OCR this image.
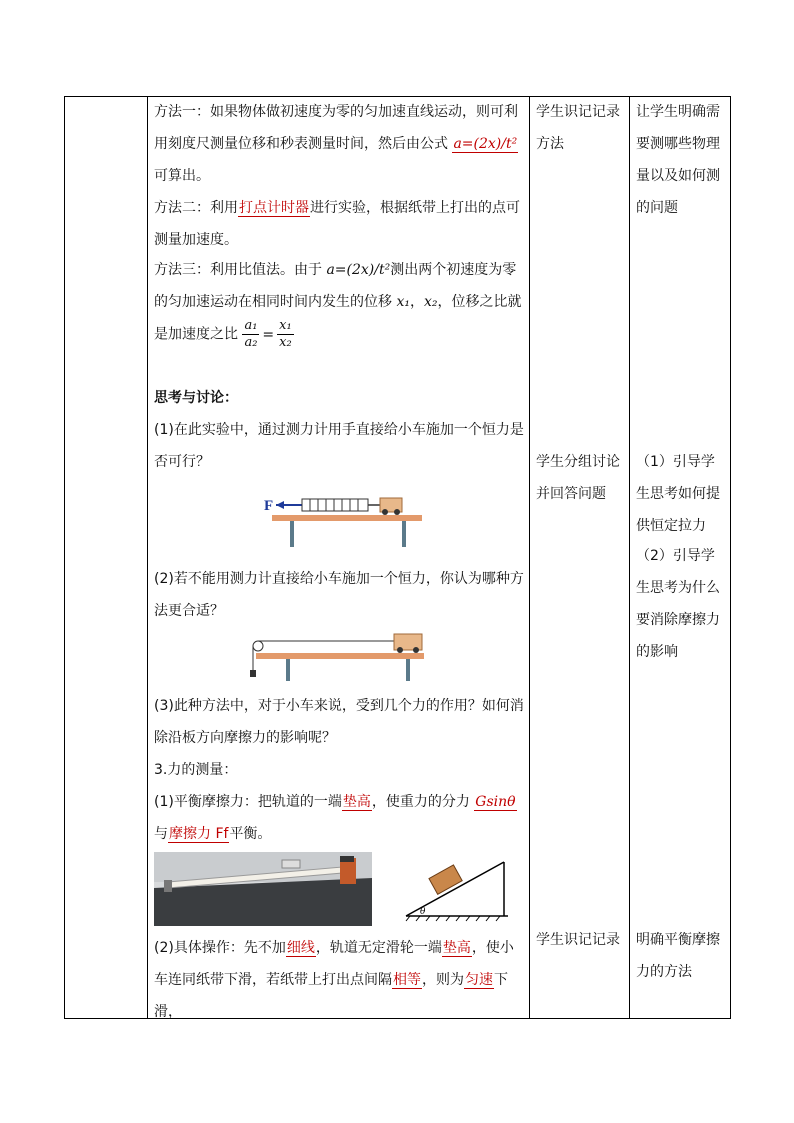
方法一：如果物体做初速度为零的匀加速直线运动，则可利用刻度尺测量位移和秒表测量时间，然后由公式 a=(2x)/t²可算出。
方法二：利用打点计时器进行实验，根据纸带上打出的点可测量加速度。
方法三：利用比值法。由于 a=(2x)/t²测出两个初速度为零的匀加速运动在相同时间内发生的位移 x₁，x₂，位移之比就是加速度之比 $\frac{\text{a₁}}{\text{a₂}} = \frac{\text{x₁}}{\text{x₂}}$
思考与讨论：
(1)在此实验中，通过测力计用手直接给小车施加一个恒力是否可行？
F
(2)若不能用测力计直接给小车施加一个恒力，你认为哪种方法更合适？
(3)此种方法中，对于小车来说，受到几个力的作用？如何消除沿板方向摩擦力的影响呢？
3.力的测量：
(1)平衡摩擦力：把轨道的一端垫高，使重力的分力 Gsinθ与摩擦力 Ff平衡。
θ
(2)具体操作：先不加细线，轨道无定滑轮一端垫高，使小车连同纸带下滑，若纸带上打出点间隔相等，则为匀速下滑，
学生识记记录方法
学生分组讨论并回答问题
学生识记记录
让学生明确需要测哪些物理量以及如何测的问题
（1）引导学生思考如何提供恒定拉力
（2）引导学生思考为什么要消除摩擦力的影响
明确平衡摩擦力的方法
